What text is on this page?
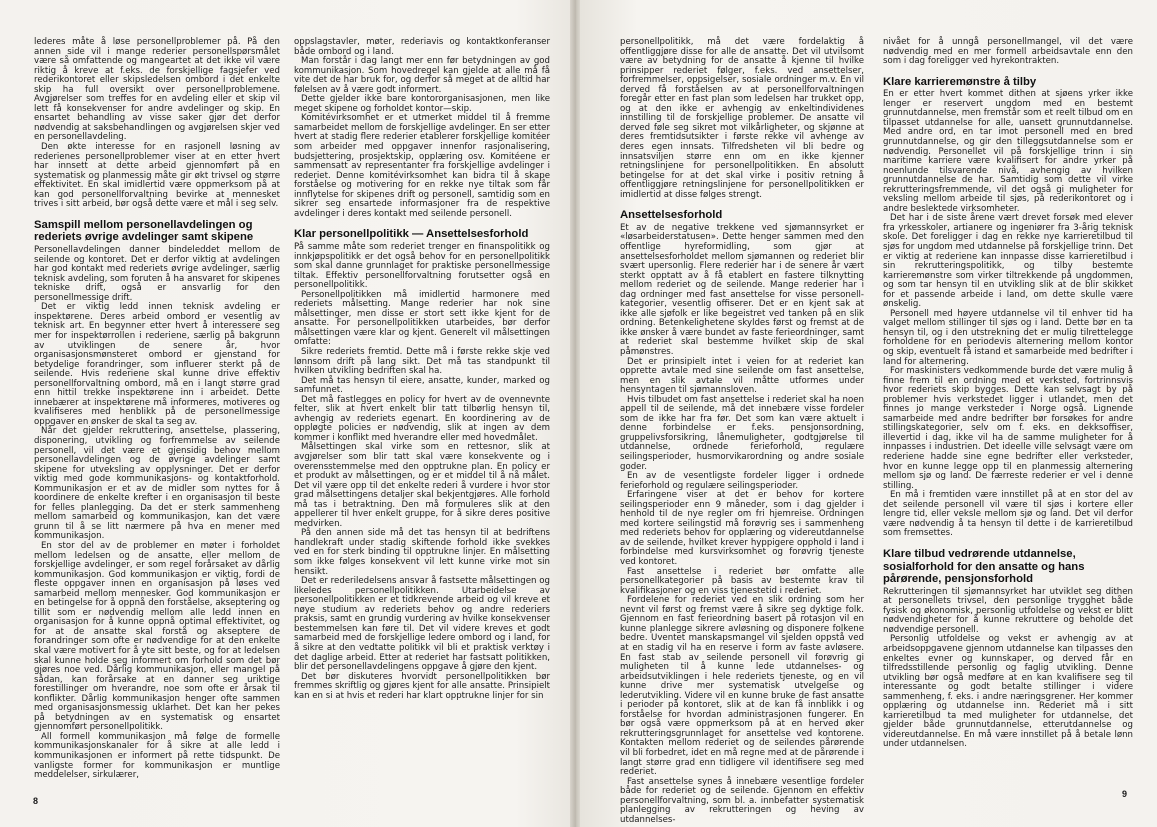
lederes måte å løse personellproblemer på. På den annen side vil i mange rederier personellspørsmålet være så omfattende og mangeartet at det ikke vil være riktig å kreve at f.eks. de forskjellige fagsjefer ved rederikontoret eller skipsledelsen ombord i det enkelte skip ha full oversikt over personellproblemene. Avgjørelser som treffes for en avdeling eller et skip vil lett få konsekvenser for andre avdelinger og skip. En ensartet behandling av visse saker gjør det derfor nødvendig at saksbehandlingen og avgjørelsen skjer ved en personellavdeling.

Den økte interesse for en rasjonell løsning av rederienes personellproblemer viser at en etter hvert har innsett at dette arbeid gjennomført på en systematisk og planmessig måte gir økt trivsel og større effektivitet. En skal imidlertid være oppmerksom på at kan god personellforvaltning bevirke at mennesket trives i sitt arbeid, bør også dette være et mål i seg selv.

Samspill mellom personellavdelingen og rederiets øvrige avdelinger samt skipene

Personellavdelingen danner bindeleddet mellom de seilende og kontoret. Det er derfor viktig at avdelingen har god kontakt med rederiets øvrige avdelinger, særlig teknisk avdeling, som foruten å ha ansvaret for skipenes tekniske drift, også er ansvarlig for den personellmessige drift.

Det er viktig ledd innen teknisk avdeling er inspektørene. Deres arbeid ombord er vesentlig av teknisk art. En begynner etter hvert å interessere seg mer for inspektørrollen i rederiene, særlig på bakgrunn av utviklingen de senere år, hvor organisasjonsmønsteret ombord er gjenstand for betydelige forandringer, som influerer sterkt på de seilende. Hvis rederiene skal kunne drive effektiv personellforvaltning ombord, må en i langt større grad enn hittil trekke inspektørene inn i arbeidet. Dette innebærer at inspektørene må informeres, motiveres og kvalifiseres med henblikk på de personellmessige oppgaver en ønsker de skal ta seg av.

Når det gjelder rekruttering, ansettelse, plassering, disponering, utvikling og forfremmelse av seilende personell, vil det være et gjensidig behov mellom personellavdelingen og de øvrige avdelinger samt skipene for utveksling av opplysninger. Det er derfor viktig med gode kommunikasjons- og kontaktforhold. Kommunikasjon er et av de midler som nyttes for å koordinere de enkelte krefter i en organisasjon til beste for felles planlegging. Da det er sterk sammenheng mellom samarbeid og kommunikasjon, kan det være grunn til å se litt nærmere på hva en mener med kommunikasjon.

En stor del av de problemer en møter i forholdet mellom ledelsen og de ansatte, eller mellom de forskjellige avdelinger, er som regel forårsaket av dårlig kommunikasjon. God kommunikasjon er viktig, fordi de fleste oppgaver innen en organisasjon på løses ved samarbeid mellom mennesker. God kommunikasjon er en betingelse for å oppnå den forståelse, akseptering og tillit som er nødvendig mellom alle ledd innen en organisasjon for å kunne oppnå optimal effektivitet, og for at de ansatte skal forstå og akseptere de forandringer som ofte er nødvendige for at den enkelte skal være motivert for å yte sitt beste, og for at ledelsen skal kunne holde seg informert om forhold som det bør gjøres noe ved. Dårlig kommunikasjon, eller mangel på sådan, kan forårsake at en danner seg uriktige forestillinger om hverandre, noe som ofte er årsak til konflikter. Dårlig kommunikasjon henger ofte sammen med organisasjonsmessig uklarhet. Det kan her pekes på betydningen av en systematisk og ensartet gjennomført personellpolitikk.

All formell kommunikasjon må følge de formelle kommunikasjonskanaler for å sikre at alle ledd i kommunikasjonen er informert på rette tidspunkt. De vanligste former for kommunikasjon er muntlige meddelelser, sirkulærer,

oppslagstavler, møter, rederiavis og kontaktkonferanser både ombord og i land.

Man forstår i dag langt mer enn før betydningen av god kommunikasjon. Som hovedregel kan gjelde at alle må få vite det de har bruk for, og derfor så meget at de alltid har følelsen av å være godt informert.

Dette gjelder ikke bare kontororganisasjonen, men like meget skipene og forholdet kontor—skip.

Komitévirksomhet er et utmerket middel til å fremme samarbeidet mellom de forskjellige avdelinger. En ser etter hvert at stadig flere rederier etablerer forskjellige komitéer som arbeider med oppgaver innenfor rasjonalisering, budsjettering, prosjektskip, opplæring osv. Komitéene er sammensatt av representanter fra forskjellige avdelinger i rederiet. Denne komitévirksomhet kan bidra til å skape forståelse og motivering for en rekke nye tiltak som får innflytelse for skipenes drift og personell, samtidig som en sikrer seg ensartede informasjoner fra de respektive avdelinger i deres kontakt med seilende personell.

Klar personellpolitikk — Ansettelsesforhold

På samme måte som rederiet trenger en finanspolitikk og innkjøpspolitikk er det også behov for en personellpolitikk som skal danne grunnlaget for praktiske personellmessige tiltak. Effektiv personellforvaltning forutsetter også en personellpolitikk.

Personellpolitikken må imidlertid harmonere med rederiets målsetting. Mange rederier har nok sine målsettinger, men disse er stort sett ikke kjent for de ansatte. For personellpolitikken utarbeides, bør derfor målsettingen være klar og kjent. Generelt vil målsettingen omfatte:

Sikre rederiets fremtid. Dette må i første rekke skje ved lønnsom drift på lang sikt. Det må tas standpunkt til hvilken utvikling bedriften skal ha.

Det må tas hensyn til eiere, ansatte, kunder, marked og samfunnet.

Det må fastlegges en policy for hvert av de ovennevnte felter, slik at hvert enkelt blir tatt tilbørlig hensyn til, avhengig av rederiets egenart. En koordinering av de oppløgte policies er nødvendig, slik at ingen av dem kommer i konflikt med hverandre eller med hovedmålet.

Målsettingen skal virke som en rettesnor, slik at avgjørelser som blir tatt skal være konsekvente og i overensstemmelse med den opptrukne plan. En policy er et produkt av målsettingen, og er et middel til å nå målet. Det vil være opp til det enkelte rederi å vurdere i hvor stor grad målsettingens detaljer skal bekjentgjøres. Alle forhold må tas i betraktning. Den må formuleres slik at den appellerer til hver enkelt gruppe, for å sikre deres positive medvirken.

På den annen side må det tas hensyn til at bedriftens handlekraft under stadig skiftende forhold ikke svekkes ved en for sterk binding til opptrukne linjer. En målsetting som ikke følges konsekvent vil lett kunne virke mot sin hensikt.

Det er rederiledelsens ansvar å fastsette målsettingen og likeledes personellpolitikken. Utarbeidelse av personellpolitikken er et tidkrevende arbeid og vil kreve et nøye studium av rederiets behov og andre rederiers praksis, samt en grundig vurdering av hvilke konsekvenser bestemmelsen kan føre til. Det vil videre kreves et godt samarbeid med de forskjellige ledere ombord og i land, for å sikre at den vedtatte politikk vil bli et praktisk verktøy i det daglige arbeid. Etter at rederiet har fastsatt politikken, blir det personellavdelingens oppgave å gjøre den kjent.

Det bør diskuteres hvorvidt personellpolitikken bør fremmes skriftlig og gjøres kjent for alle ansatte. Prinsipielt kan en si at hvis et rederi har klart opptrukne linjer for sin

8

personellpolitikk, må det være fordelaktig å offentliggjøre disse for alle de ansatte. Det vil utvilsomt være av betydning for de ansatte å kjenne til hvilke prinsipper rederiet følger, f.eks. ved ansettelser, forfremmelser, oppsigelser, sosiale ordninger m.v. En vil derved få forståelsen av at personellforvaltningen foregår etter en fast plan som ledelsen har trukket opp, og at den ikke er avhengig av enkeltindividenes innstilling til de forskjellige problemer. De ansatte vil derved føle seg sikret mot vilkårligheter, og skjønne at deres fremtidsutsikter i første rekke vil avhenge av deres egen innsats. Tilfredsheten vil bli bedre og innsatsviljen større enn om en ikke kjenner retningslinjene for personellpolitikken. En absolutt betingelse for at det skal virke i positiv retning å offentliggjøre retningslinjene for personellpolitikken er imidlertid at disse følges strengt.

Ansettelsesforhold

Et av de negative trekkene ved sjømannsyrket er «løsarbeiderstatusen». Dette henger sammen med den offentlige hyreformidling, som gjør at ansettelsesforholdet mellom sjømannen og rederiet blir svært upersonlig. Flere rederier har i de senere år vært sterkt opptatt av å få etablert en fastere tilknytting mellom rederiet og de seilende. Mange rederier har i dag ordninger med fast ansettelse for visse personell-kategorier, vesentlig offiserer. Det er en kjent sak at ikke alle sjøfolk er like begeistret ved tanken på en slik ordning. Betenkelighetene skyldes først og fremst at de ikke ønsker å være bundet av faste ferieordninger, samt at rederiet skal bestemme hvilket skip de skal påmønstres.

Det er prinsipielt intet i veien for at rederiet kan opprette avtale med sine seilende om fast ansettelse, men en slik avtale vil måtte utformes under hensyntagen til sjømannsloven.

Hvis tilbudet om fast ansettelse i rederiet skal ha noen appell til de seilende, må det innebære visse fordeler som de ikke har fra før. Det som kan være aktuelt i denne forbindelse er f.eks. pensjonsordning, gruppelivsforsikring, lånemuligheter, godtgjørelse til utdannelse, ordnede ferieforhold, regulære seilingsperioder, husmorvikarordning og andre sosiale goder.

En av de vesentligste fordeler ligger i ordnede ferieforhold og regulære seilingsperioder.

Erfaringene viser at det er behov for kortere seilingsperioder enn 9 måneder, som i dag gjelder i henhold til de nye regler om fri hjemreise. Ordningen med kortere seilingstid må forøvrig ses i sammenheng med rederiets behov for opplæring og videreutdannelse av de seilende, hvilket krever hyppigere opphold i land i forbindelse med kursvirksomhet og forøvrig tjeneste ved kontoret.

Fast ansettelse i rederiet bør omfatte alle personellkategorier på basis av bestemte krav til kvalifikasjoner og en viss tjenestetid i rederiet.

Fordelene for rederiet ved en slik ordning som her nevnt vil først og fremst være å sikre seg dyktige folk. Gjennom en fast ferieordning basert på rotasjon vil en kunne planlegge sikrere avløsning og disponere folkene bedre. Uventet manskapsmangel vil sjelden oppstå ved at en stadig vil ha en reserve i form av faste avløsere. En fast stab av seilende personell vil forøvrig gi muligheten til å kunne lede utdannelses- og arbeidsutviklingen i hele rederiets tjeneste, og en vil kunne drive mer systematisk utvelgelse og lederutvikling. Videre vil en kunne bruke de fast ansatte i perioder på kontoret, slik at de kan få innblikk i og forståelse for hvordan administrasjonen fungerer. En bør også være oppmerksom på at en herved øker rekrutteringsgrunnlaget for ansettelse ved kontorene. Kontakten mellom rederiet og de seilendes pårørende vil bli forbedret, idet en må regne med at de pårørende i langt større grad enn tidligere vil identifisere seg med rederiet.

Fast ansettelse synes å innebære vesentlige fordeler både for rederiet og de seilende. Gjennom en effektiv personellforvaltning, som bl. a. innbefatter systematisk planlegging av rekrutteringen og heving av utdannelses-

nivået for å unngå personellmangel, vil det være nødvendig med en mer formell arbeidsavtale enn den som i dag foreligger ved hyrekontrakten.

Klare karrieremønstre å tilby

En er etter hvert kommet dithen at sjøens yrker ikke lenger er reservert ungdom med en bestemt grunnutdannelse, men fremstår som et reelt tilbud om en tilpasset utdannelse for alle, uansett grunnutdannelse. Med andre ord, en tar imot personell med en bred grunnutdannelse, og gir den tilleggsutdannelse som er nødvendig. Personellet vil på forskjellige trinn i sin maritime karriere være kvalifisert for andre yrker på noenlunde tilsvarende nivå, avhengig av hvilken grunnutdannelse de har. Samtidig som dette vil virke rekrutteringsfremmende, vil det også gi muligheter for veksling mellom arbeide til sjøs, på rederikontoret og i andre beslektede virksomheter.

Det har i de siste årene vært drevet forsøk med elever fra yrkesskoler, artianere og ingeniører fra 3-årig teknisk skole. Det foreligger i dag en rekke nye karrieretilbud til sjøs for ungdom med utdannelse på forskjellige trinn. Det er viktig at rederiene kan innpasse disse karrieretilbud i sin rekrutteringspolitikk, og tilby bestemte karrieremønstre som virker tiltrekkende på ungdommen, og som tar hensyn til en utvikling slik at de blir skikket for et passende arbeide i land, om dette skulle være ønskelig.

Personell med høyere utdannelse vil til enhver tid ha valget mellom stillinger til sjøs og i land. Dette bør en ta hensyn til, og i den utstrekning det er mulig tilrettelegge forholdene for en periodevis alternering mellom kontor og skip, eventuelt få istand et samarbeide med bedrifter i land for alternering.

For maskinisters vedkommende burde det være mulig å finne frem til en ordning med et verksted, fortrinnsvis hvor rederiets skip bygges. Dette kan selvsagt by på problemer hvis verkstedet ligger i utlandet, men det finnes jo mange verksteder i Norge også. Lignende samarbeide med andre bedrifter bør forsøkes for andre stillingskategorier, selv om f. eks. en dekksoffiser, illevertid i dag, ikke vil ha de samme muligheter for å innpasses i industrien. Det ideelle ville selvsagt være om rederiene hadde sine egne bedrifter eller verksteder, hvor en kunne legge opp til en planmessig alternering mellom sjø og land. De færreste rederier er vel i denne stilling.

En må i fremtiden være innstillet på at en stor del av det seilende personell vil være til sjøs i kortere eller lengre tid, eller veksle mellom sjø og land. Det vil derfor være nødvendig å ta hensyn til dette i de karrieretilbud som fremsettes.

Klare tilbud vedrørende utdannelse, sosialforhold for den ansatte og hans pårørende, pensjonsforhold

Rekrutteringen til sjømannsyrket har utviklet seg dithen at personellets trivsel, den personlige trygghet både fysisk og økonomisk, personlig utfoldelse og vekst er blitt nødvendigheter for å kunne rekruttere og beholde det nødvendige personell.

Personlig utfoldelse og vekst er avhengig av at arbeidsoppgavene gjennom utdannelse kan tilpasses den enkeltes evner og kunnskaper, og derved får en tilfredsstillende personlig og faglig utvikling. Denne utvikling bør også medføre at en kan kvalifisere seg til interessante og godt betalte stillinger i videre sammenheng, f. eks. i andre næringsgrener. Her kommer opplæring og utdannelse inn. Rederiet må i sitt karrieretilbud ta med muligheter for utdannelse, det gjelder både grunnutdannelse, etterutdannelse og videreutdannelse. En må være innstillet på å betale lønn under utdannelsen.

9
